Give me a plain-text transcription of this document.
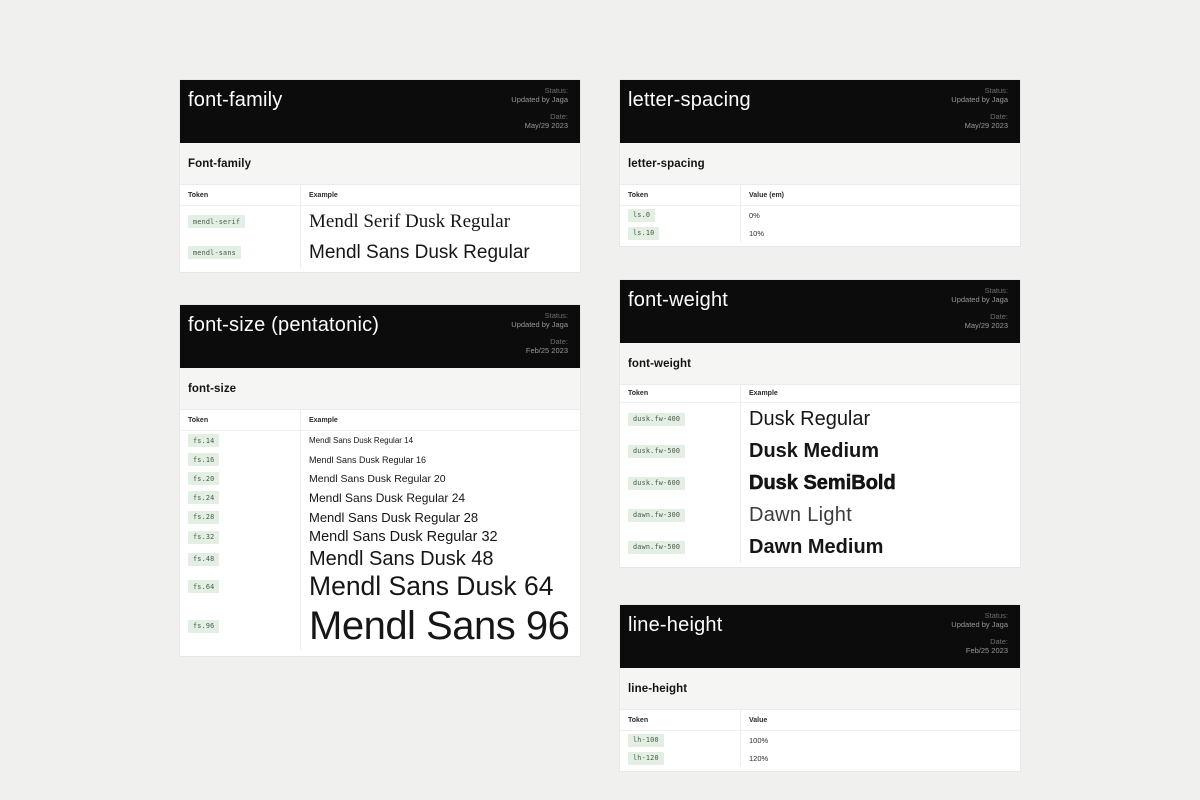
font-family	Status:
Updated by Jaga
Date:
May/29 2023
Font-family
Token	Example
mendl-serif	Mendl Serif Dusk Regular
mendl-sans	Mendl Sans Dusk Regular
letter-spacing	Status:
Updated by Jaga
Date:
May/29 2023
letter-spacing
Token	Value (em)
ls.0	0%
ls.10	10%
font-size (pentatonic)	Status:
Updated by Jaga
Date:
Feb/25 2023
font-size
Token	Example
fs.14	Mendl Sans Dusk Regular 14
fs.16	Mendl Sans Dusk Regular 16
fs.20	Mendl Sans Dusk Regular 20
fs.24	Mendl Sans Dusk Regular 24
fs.28	Mendl Sans Dusk Regular 28
fs.32	Mendl Sans Dusk Regular 32
fs.48	Mendl Sans Dusk 48
fs.64	Mendl Sans Dusk 64
fs.96 Mendl Sans 96
font-weight	Status:
Updated by Jaga
Date:
May/29 2023
font-weight
Token	Example
dusk.fw-400	Dusk Regular
dusk.fw-500	Dusk Medium
dusk.fw-600	Dusk SemiBold
dawn.fw-300	Dawn Light
dawn.fw-500	Dawn Medium
line-height	Status:
Updated by Jaga
Date:
Feb/25 2023
line-height
Token	Value
lh-100	100%
lh-120	120%
